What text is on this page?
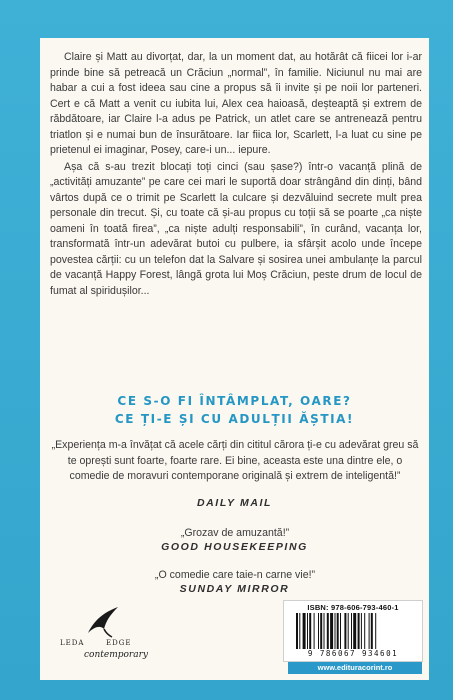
Claire și Matt au divorțat, dar, la un moment dat, au hotărât că fiicei lor i-ar prinde bine să petreacă un Crăciun „normal”, în familie. Niciunul nu mai are habar a cui a fost ideea sau cine a propus să îi invite și pe noii lor parteneri. Cert e că Matt a venit cu iubita lui, Alex cea haioasă, deșteaptă și extrem de răbdătoare, iar Claire l-a adus pe Patrick, un atlet care se antrenează pentru triatlon și e numai bun de însurătoare. Iar fiica lor, Scarlett, l-a luat cu sine pe prietenul ei imaginar, Posey, care-i un... iepure.

Așa că s-au trezit blocați toți cinci (sau șase?) într-o vacanță plină de „activități amuzante” pe care cei mari le suportă doar strângând din dinți, bând vârtos după ce o trimit pe Scarlett la culcare și dezvăluind secrete mult prea personale din trecut. Și, cu toate că și-au propus cu toții să se poarte „ca niște oameni în toată firea”, „ca niște adulți responsabili”, în curând, vacanța lor, transformată într-un adevărat butoi cu pulbere, ia sfârșit acolo unde începe povestea cărții: cu un telefon dat la Salvare și sosirea unei ambulanțe la parcul de vacanță Happy Forest, lângă grota lui Moș Crăciun, peste drum de locul de fumat al spiridușilor...

CE S-O FI ÎNTÂMPLAT, OARE?

CE ȚI-E ȘI CU ADULȚII ĂȘTIA!

„Experiența m-a învățat că acele cărți din cititul cărora ți-e cu adevărat greu să te oprești sunt foarte, foarte rare. Ei bine, aceasta este una dintre ele, o comedie de moravuri contemporane originală și extrem de inteligentă!”

DAILY MAIL

„Grozav de amuzantă!”

GOOD HOUSEKEEPING

„O comedie care taie-n carne vie!”

SUNDAY MIRROR

LEDA	EDGE
contemporary
ISBN: 978-606-793-460-1
9 786067 934601

www.edituracorint.ro
